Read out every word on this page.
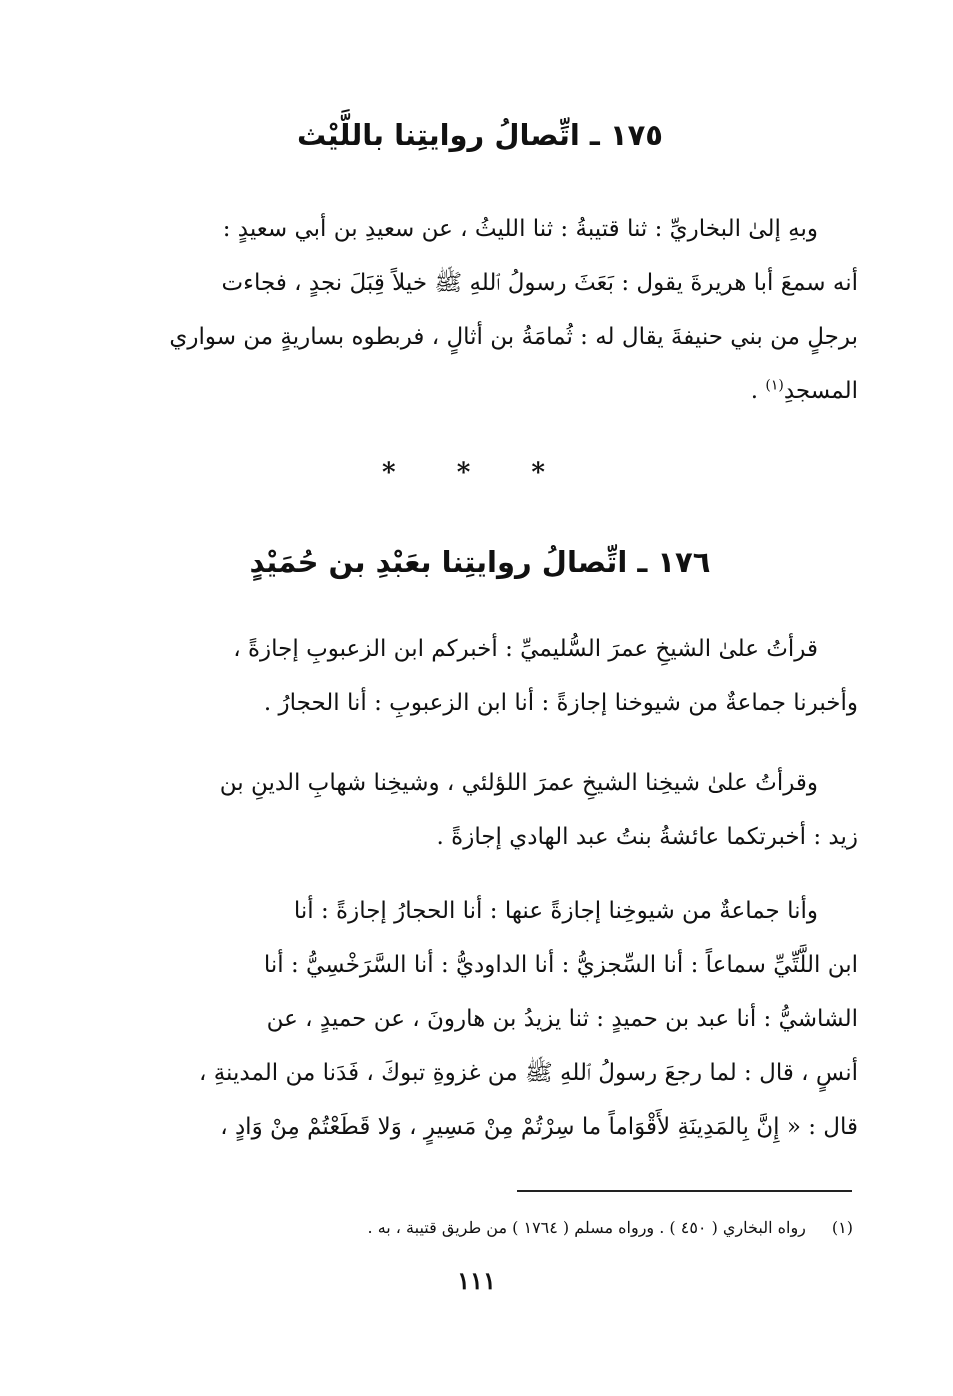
١٧٥ ـ اتِّصالُ روايتِنا باللَّيْث
وبهِ إلىٰ البخاريِّ : ثنا قتيبةُ : ثنا الليثُ ، عن سعيدِ بن أبي سعيدٍ :
أنه سمعَ أبا هريرةَ يقول : بَعَثَ رسولُ ٱللهِ ﷺ خيلاً قِبَلَ نجدٍ ، فجاءت
برجلٍ من بني حنيفةَ يقال له : ثُمامَةُ بن أثالٍ ، فربطوه بساريةٍ من سواري
المسجدِ$^{(١)}$ .
* * *
١٧٦ ـ اتِّصالُ روايتِنا بعَبْدِ بن حُمَيْدٍ
قرأتُ علىٰ الشيخِ عمرَ السُّليميِّ : أخبركم ابن الزعبوبِ إجازةً ،
وأخبرنا جماعةٌ من شيوخنا إجازةً : أنا ابن الزعبوبِ : أنا الحجارُ .
وقرأتُ علىٰ شيخِنا الشيخِ عمرَ اللؤلئي ، وشيخِنا شهابِ الدينِ بن
زيد : أخبرتكما عائشةُ بنتُ عبد الهادي إجازةً .
وأنا جماعةٌ من شيوخِنا إجازةً عنها : أنا الحجارُ إجازةً : أنا
ابن اللَّتِّيِّ سماعاً : أنا السِّجزيُّ : أنا الداوديُّ : أنا السَّرَخْسِيُّ : أنا
الشاشيُّ : أنا عبد بن حميدٍ : ثنا يزيدُ بن هارونَ ، عن حميدٍ ، عن
أنسٍ ، قال : لما رجعَ رسولُ ٱللهِ ﷺ من غزوةِ تبوكَ ، فَدَنا من المدينةِ ،
قال : « إِنَّ بِالمَدِينَةِ لأَقْوَاماً ما سِرْتُمْ مِنْ مَسِيرٍ ، وَلا قَطَعْتُمْ مِنْ وَادٍ ،
(١)رواه البخاري ( ٤٥٠ ) . ورواه مسلم ( ١٧٦٤ ) من طريق قتيبة ، به .
١١١
